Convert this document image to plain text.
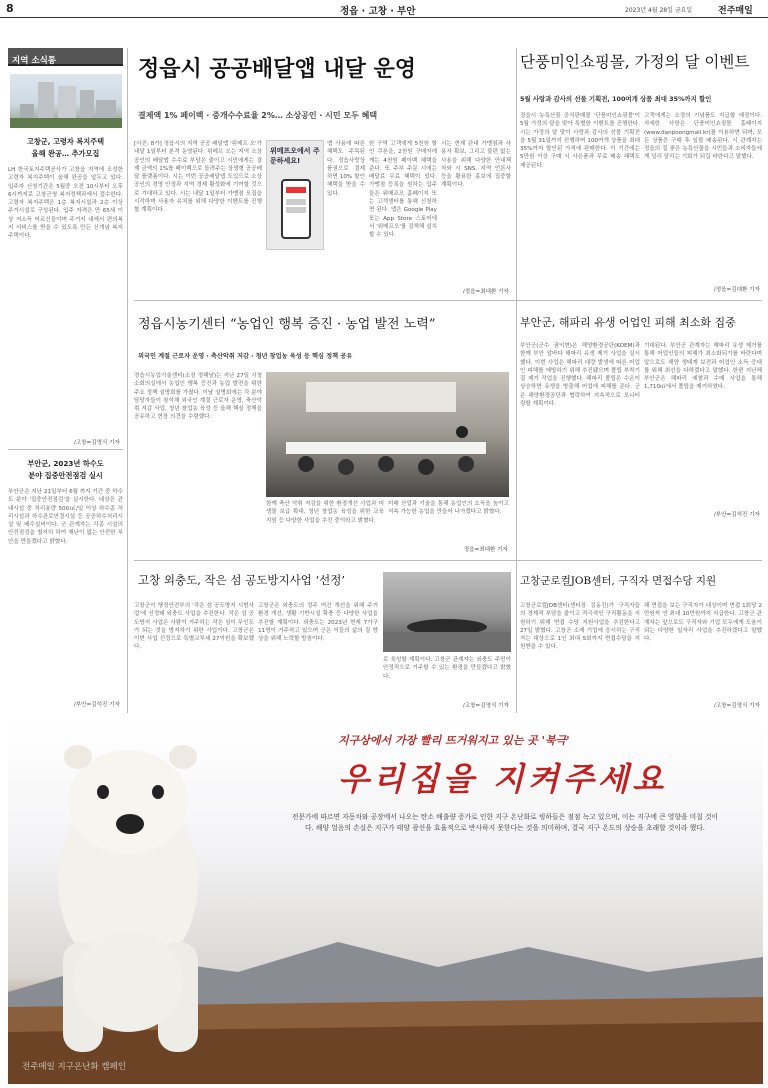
8	정읍 · 고창 · 부안	2023년 4월 28일 금요일	전주매일
지역 소식통
고창군, 고령자 복지주택
올해 완공… 추가모집
LH 한국토지주택공사가 고창읍 지역에 조성한 고령자 복지주택이 올해 완공을 앞두고 있다. 입주자 신청기간은 5월중 오전 10시부터 오후 6시까지로 고창군청 복지정책과에서 접수한다. 고령자 복지주택은 1층 복지시설과 2층 이상 주거시설로 구성된다. 입주 자격은 만 65세 이상 저소득 어르신들이며 주거지 내에서 편의복지 서비스를 받을 수 있도록 만든 신개념 복지주택이다.
/고창=김영식 기자
부안군, 2023년 하수도
분야 집중안전점검 실시
부안군은 지난 21일부터 6월 까지 기간 중 하수도 분야 '집중안전점검'을 실시한다. 대상은 관내시설 중 처리용량 500㎥/일 이상 하수종 처리시설과 하수관로연결시설 등 공공하수처리시설 및 배수설비이다. 군 관계자는 각종 시설의 안전점검을 철저히 하여 재난이 없는 안전한 부안을 만들겠다고 밝혔다.
/부안=김석진 기자
정읍시 공공배달앱 내달 운영
결제액 1% 페이백 · 중개수수료율 2%… 소상공인 · 시민 모두 혜택
[사진: 8가] 정읍시의 지역 공공 배달앱 '위메프 오'가 내달 1일부터 본격 운영된다. 위메프 오는 지역 소상공인의 배달앱 수수료 부담은 줄이고 시민에게는 결제 금액의 1%를 페이백으로 돌려주는 상생형 공공배달 플랫폼이다. 시는 이번 공공배달앱 도입으로 소상공인의 경영 안정과 지역 경제 활성화에 기여할 것으로 기대하고 있다. 시는 내달 1일부터 가맹점 모집을 시작하며 사용자 유치를 위해 다양한 이벤트를 진행할 계획이다.
위메프오에서 주문하세요!
앱 사용에 따른 혜택도 주목된다. 정읍사랑상품권으로 결제하면 10% 할인 혜택을 받을 수 있다.
한 구역 고객에게 5천원 할인 쿠폰을, 2천원 구매자에게는 4천원 페이백 혜택을 준다. 또 주부 주문 시에는 배달료 무료 혜택이 있다. 가맹점 등록을 원하는 업주들은 위메프오 홈페이지 또는 고객센터를 통해 신청하면 된다. 앱은 Google Play 또는 App Store 스토어에서 '위메프오'를 검색해 설치할 수 있다.
시는 현재 관내 가맹점과 사용자 확보, 그리고 불편 없는 사용을 위해 다양한 안내책자와 시 SNS, 지역 언론사 등을 활용한 홍보에 집중할 계획이다.
/정읍=최대환 기자
단풍미인쇼핑몰, 가정의 달 이벤트
5월 사랑과 감사의 선물 기획전, 100여개 상품 최대 35%까지 할인
정읍시 농특산물 공식판매몰 '단풍미인쇼핑몰'이 5월 가정의 달을 맞아 특별한 이벤트를 진행한다. 시는 가정의 달 맞이 사랑과 감사의 선물 기획전을 5월 31일까지 진행하며 100여개 상품을 최대 35%까지 할인된 가격에 판매한다. 이 기간에는 5만원 이상 구매 시 사은품과 무료 배송 혜택도 제공된다.
고객에게는 소정의 기념품도 지급할 예정이다. 자세한 사항은 단풍미인쇼핑몰 홈페이지(www.danpoongmall.kr)를 이용하면 되며, 모든 상품은 구매 후 일괄 배송된다. 시 관계자는 정읍의 질 좋은 농특산물을 시민들과 소비자들에게 널리 알리는 기회가 되길 바란다고 말했다.
/정읍=김대환 기자
정읍시농기센터 “농업인 행복 증진 · 농업 발전 노력”
외국인 계절 근로자 운영 · 축산악취 저감 · 청년 창업농 육성 등 핵심 정책 공유
정읍시농업기술센터(소장 정해남)는 지난 27일 시청 소회의실에서 농업인 행복 증진과 농업 발전을 위한 주요 정책 설명회를 가졌다. 이날 설명회에는 각 분야 담당자들이 참석해 외국인 계절 근로자 운영, 축산악취 저감 사업, 청년 창업농 육성 등 올해 핵심 정책을 공유하고 현장 의견을 수렴했다.
함께 축산 악취 저감을 위한 환경개선 사업과 미생물 보급 확대, 청년 창업농 육성을 위한 교육 지원 등 다양한 사업을 추진 중이라고 밝혔다.
미래 산업과 기술을 통해 농업인의 소득을 높이고 지속 가능한 농업을 만들어 나가겠다고 밝혔다.
정읍=최대환 기자
부안군, 해파리 유생 어업인 피해 최소화 집중
부안군(군수 권익현)은 해양환경공단(KOEM)과 함께 부안 앞바다 해파리 유생 제거 사업을 실시했다. 이번 사업은 해파리 대량 발생에 따른 어업인 피해를 예방하기 위해 추진됐으며 폴립 부착기질 제거 작업을 진행했다. 해파리 폴립은 수온이 상승하면 유생을 방출해 어업에 피해를 준다. 군은 해양환경공단과 협력하여 지속적으로 모니터링할 계획이다.
기대된다. 부안군 관계자는 해파리 유생 제거를 통해 어업인들의 피해가 최소화되기를 바란다며 앞으로도 해양 생태계 보전과 어업인 소득 증대를 위해 최선을 다하겠다고 말했다. 한편 지난해 부안군은 해파리 예찰과 수매 사업을 통해 1,710㎡에서 폴립을 제거하였다.
/부안=김석진 기자
고창 외충도, 작은 섬 공도방지사업 ‘선정’
고창군이 행정안전부의 '작은 섬 공도방지 시범사업'에 선정돼 외충도 사업을 추진한다. 작은 섬 공도방지 사업은 사람이 거주하는 작은 섬이 무인도가 되는 것을 방지하기 위한 사업이다. 고창군은 이번 사업 선정으로 특별교부세 27억원을 확보했다.
고창군은 외충도의 정주 여건 개선을 위해 주거 환경 개선, 생활 기반시설 확충 등 다양한 사업을 추진할 계획이다. 외충도는 2023년 현재 7가구 11명이 거주하고 있으며 군은 이들의 삶의 질 향상을 위해 노력할 방침이다.
로 육성할 계획이다. 고창군 관계자는 외충도 주민이 안정적으로 거주할 수 있는 환경을 만들겠다고 밝혔다.
/고창=김영식 기자
고창군로컬JOB센터, 구직자 면접수당 지원
고창군로컬JOB센터(센터장 김동진)가 구직자들의 경제적 부담을 줄이고 적극적인 구직활동을 지원하기 위해 면접 수당 지원사업을 추진한다고 27일 밝혔다. 고창군 소재 기업에 응시하는 구직자는 대상으로 1인 최대 5회까지 면접수당을 지원받을 수 있다.
해 면접을 보는 구직자가 대상이며 면접 1회당 2만원씩 연 최대 10만원까지 지급한다. 고창군 관계자는 앞으로도 구직자와 기업 모두에게 도움이 되는 다양한 일자리 사업을 추진하겠다고 말했다.
/고창=김영식 기자
지구상에서 가장 빨리 뜨거워지고 있는 곳 '북극'
우리집을 지켜주세요
전문가에 따르면 자동차와 공장에서 나오는 탄소 배출량 증가로 인한 지구 온난화로 빙하들은 점점 녹고 있으며, 이는 지구에 큰 영향을 미칠 것이다. 해양 얼음의 손실은 지구가 태양 광선을 효율적으로 반사하지 못한다는 것을 의미하며, 결국 지구 온도의 상승을 초래할 것이라 했다.
전주매일 지구온난화 캠페인
